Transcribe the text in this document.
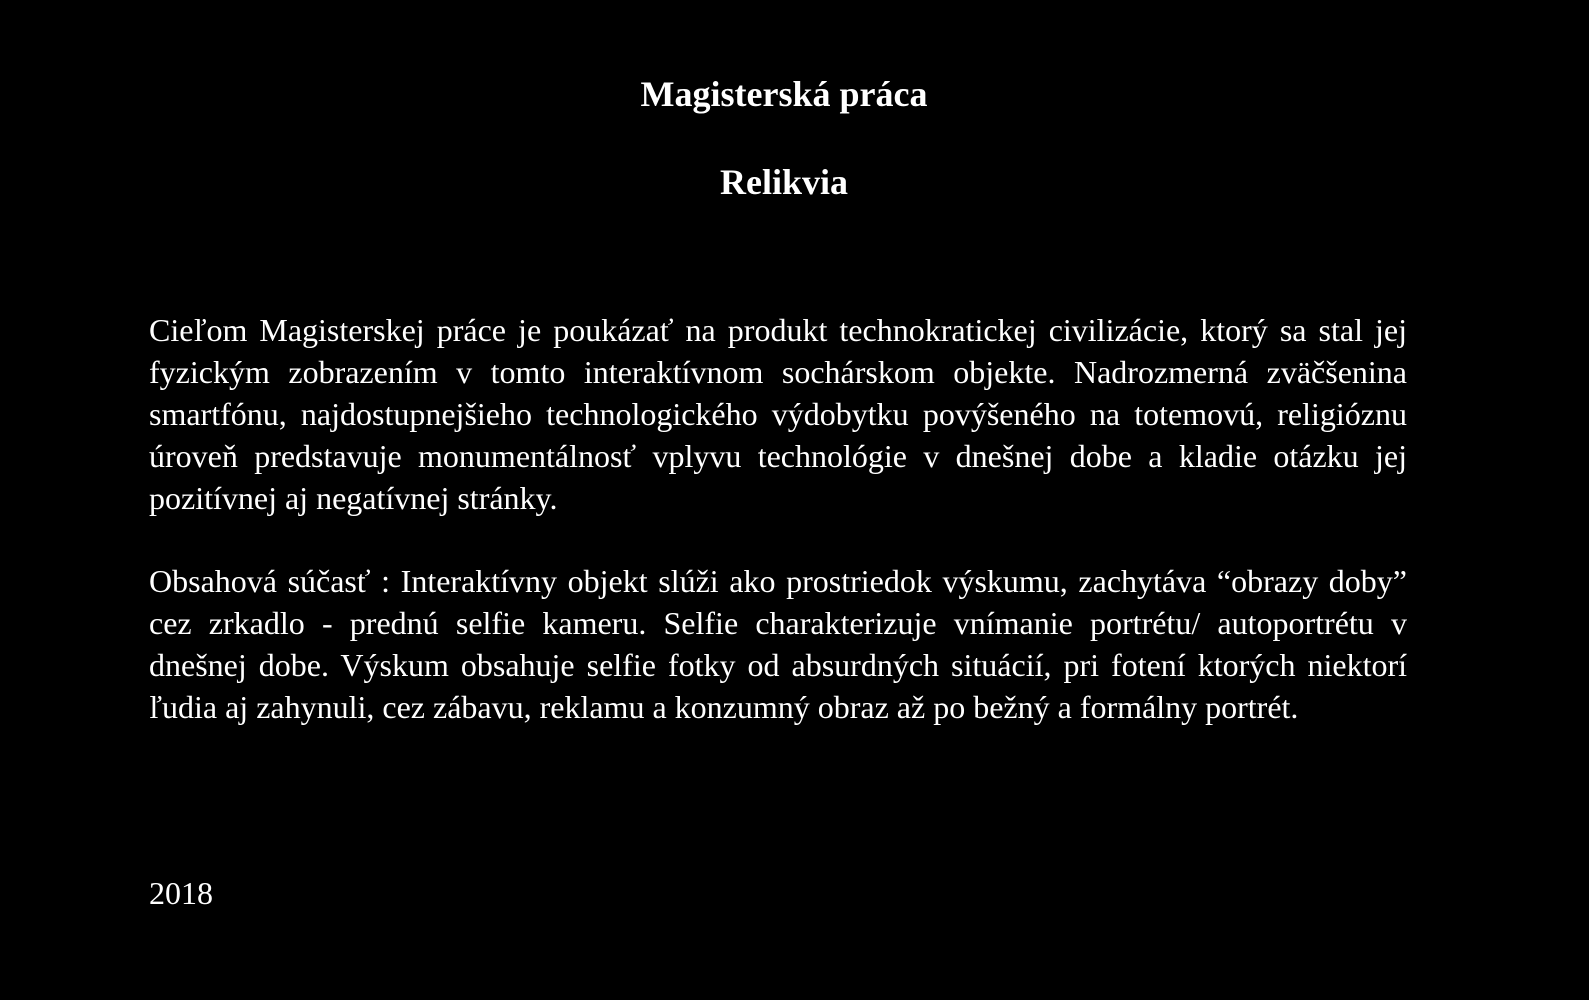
Magisterská práca
Relikvia

Cieľom Magisterskej práce je poukázať na produkt technokratickej civilizácie, ktorý sa stal jej fyzickým zobrazením v tomto interaktívnom sochárskom objekte. Nadrozmerná zväčšenina smartfónu, najdostupnejšieho technologického výdobytku povýšeného na totemovú, religióznu úroveň predstavuje monumentálnosť vplyvu technológie v dnešnej dobe a kladie otázku jej pozitívnej aj negatívnej stránky.

Obsahová súčasť : Interaktívny objekt slúži ako prostriedok výskumu, zachytáva “obrazy doby” cez zrkadlo - prednú selfie kameru. Selfie charakterizuje vnímanie portrétu/ autoportrétu v dnešnej dobe. Výskum obsahuje selfie fotky od absurdných situácií, pri fotení ktorých niektorí ľudia aj zahynuli, cez zábavu, reklamu a konzumný obraz až po bežný a formálny portrét.

2018
